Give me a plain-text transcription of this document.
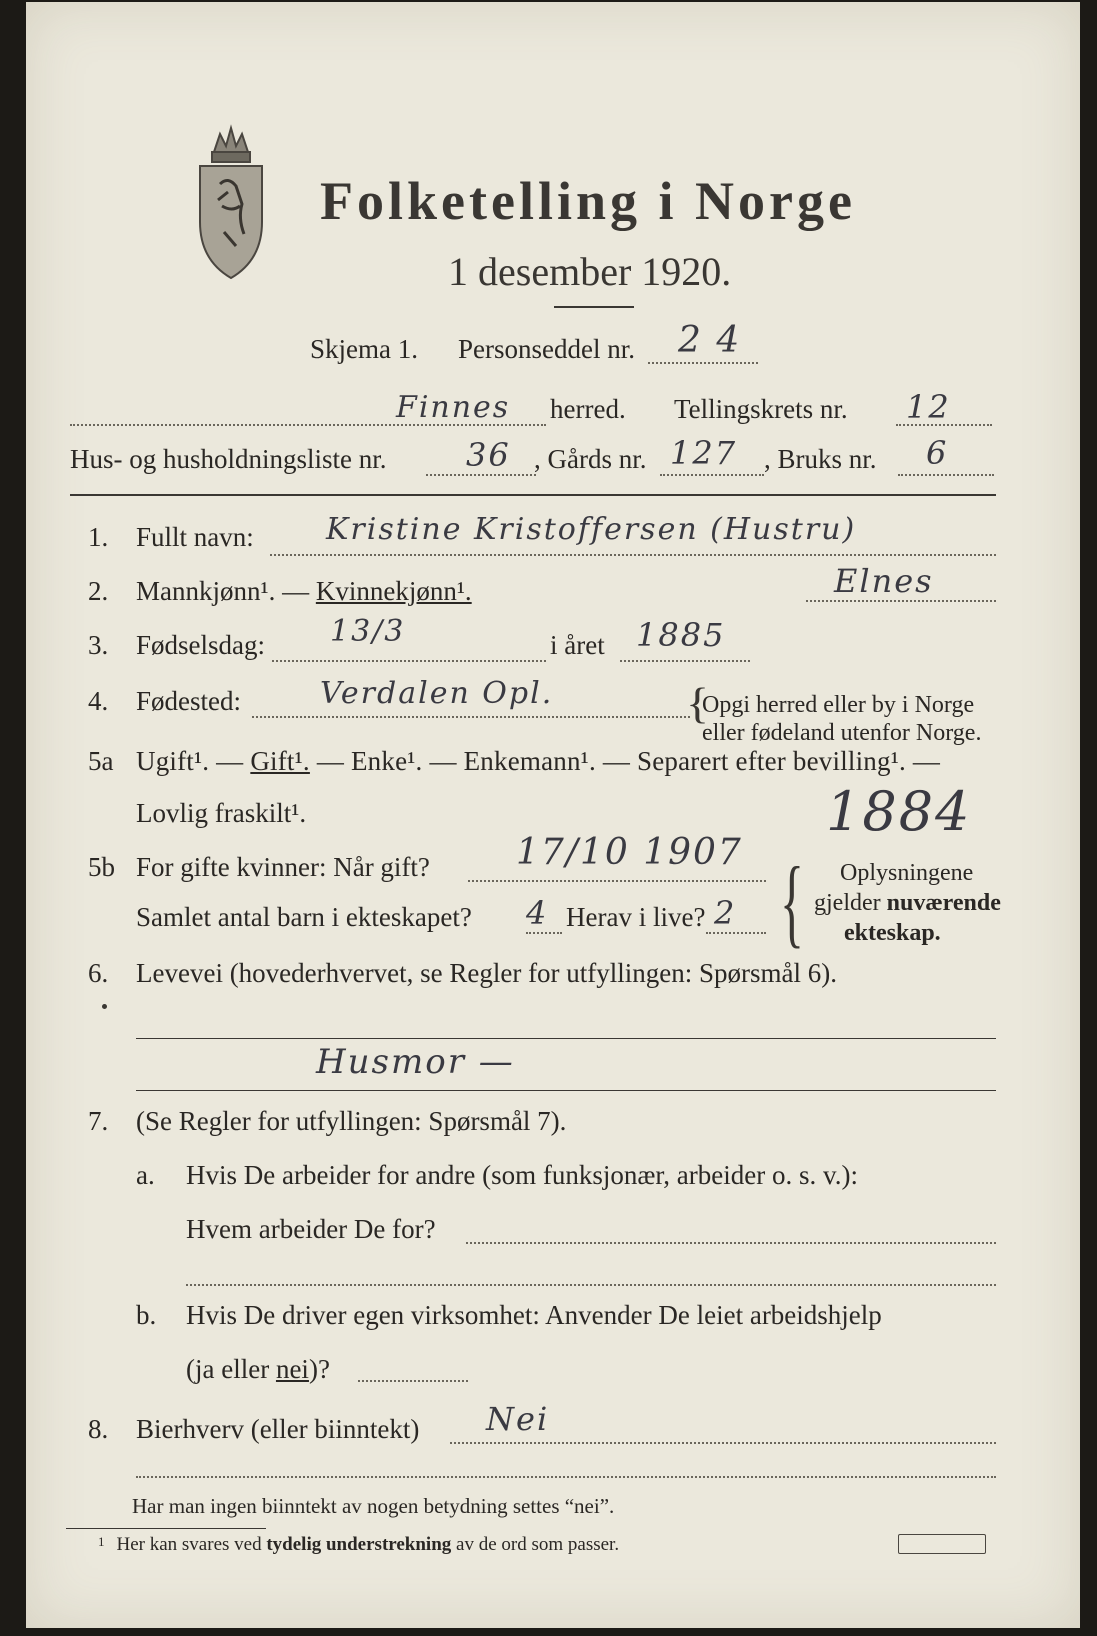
Folketelling i Norge
1 desember 1920.
Skjema 1. Personseddel nr. 2 4
Finnes herred. Tellingskrets nr. 12
Hus- og husholdningsliste nr. 36 , Gårds nr. 127 , Bruks nr. 6
1. Fullt navn: Kristine Kristoffersen (Hustru)
Elnes
2. Mannkjønn¹. — Kvinnekjønn¹.
3. Fødselsdag: 13/3	i året 1885
4. Fødested:	Verdalen Opl.	{
Opgi herred eller by i Norge
eller fødeland utenfor Norge.
5a Ugift¹. — Gift¹. — Enke¹. — Enkemann¹. — Separert efter bevilling¹. —
Lovlig fraskilt¹.	1884
5b For gifte kvinner: Når gift? 17/10 1907
Samlet antal barn i ekteskapet? 4 Herav i live? 2 { Oplysningene
gjelder nuværende
ekteskap.
6. Levevei (hovederhvervet, se Regler for utfyllingen: Spørsmål 6).
Husmor —
7. (Se Regler for utfyllingen: Spørsmål 7).
a. Hvis De arbeider for andre (som funksjonær, arbeider o. s. v.):
Hvem arbeider De for?
b. Hvis De driver egen virksomhet: Anvender De leiet arbeidshjelp
(ja eller nei)?
8. Bierhverv (eller biinntekt) Nei
Har man ingen biinntekt av nogen betydning settes “nei”.
$^1$ Her kan svares ved tydelig understrekning av de ord som passer.
